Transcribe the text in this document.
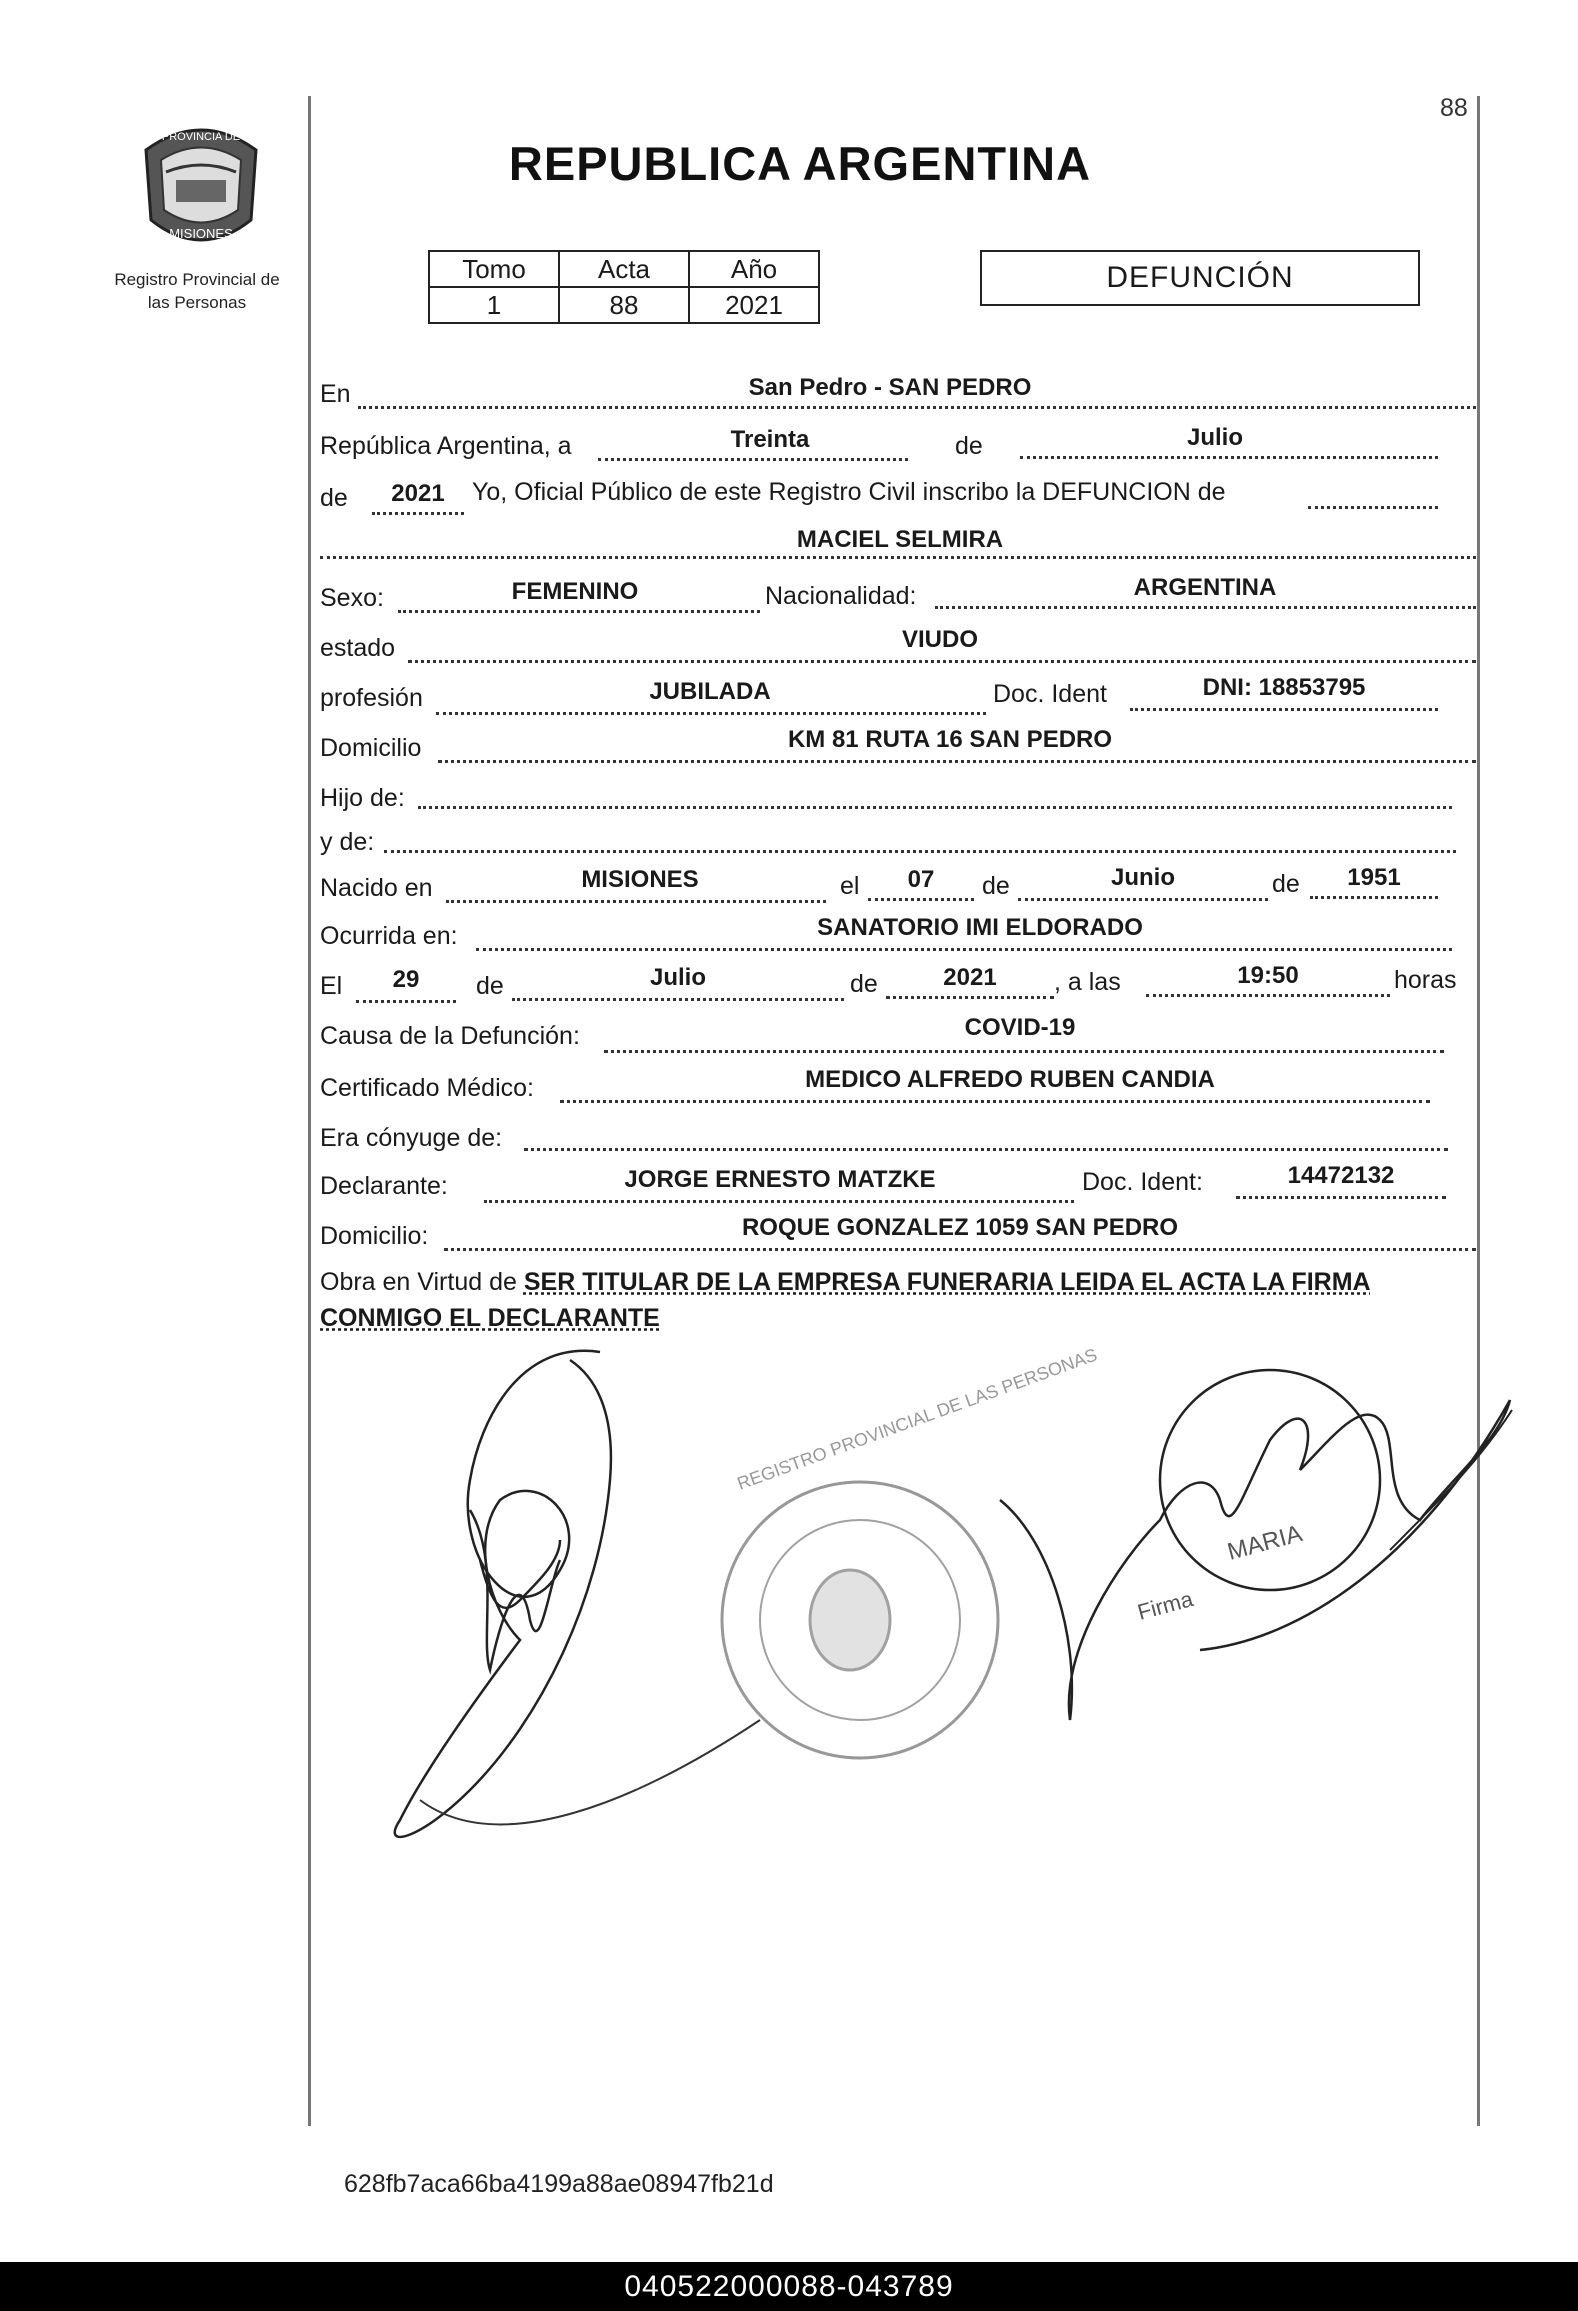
88
PROVINCIA DE
MISIONES
Registro Provincial de
las Personas
REPUBLICA ARGENTINA
Tomo	Acta	Año
1	88	2021
DEFUNCIÓN
En	San Pedro - SAN PEDRO
República Argentina, a	Treinta	de	Julio
de	2021	Yo, Oficial Público de este Registro Civil inscribo la DEFUNCION de
MACIEL SELMIRA
Sexo:	FEMENINO	Nacionalidad:	ARGENTINA
estado	VIUDO
profesión	JUBILADA	Doc. Ident	DNI: 18853795
Domicilio	KM 81 RUTA 16 SAN PEDRO
Hijo de:
y de:
Nacido en	MISIONES	el	07	de	Junio	de	1951
Ocurrida en:	SANATORIO IMI ELDORADO
El	29	de	Julio	de	2021	, a las	19:50	horas
Causa de la Defunción:	COVID-19
Certificado Médico:	MEDICO ALFREDO RUBEN CANDIA
Era cónyuge de:
Declarante:	JORGE ERNESTO MATZKE	Doc. Ident:	14472132
Domicilio:	ROQUE GONZALEZ 1059 SAN PEDRO
Obra en Virtud de SER TITULAR DE LA EMPRESA FUNERARIA LEIDA EL ACTA LA FIRMA CONMIGO EL DECLARANTE
REGISTRO PROVINCIAL DE LAS PERSONAS
MARIA
Firma
628fb7aca66ba4199a88ae08947fb21d
040522000088-043789
